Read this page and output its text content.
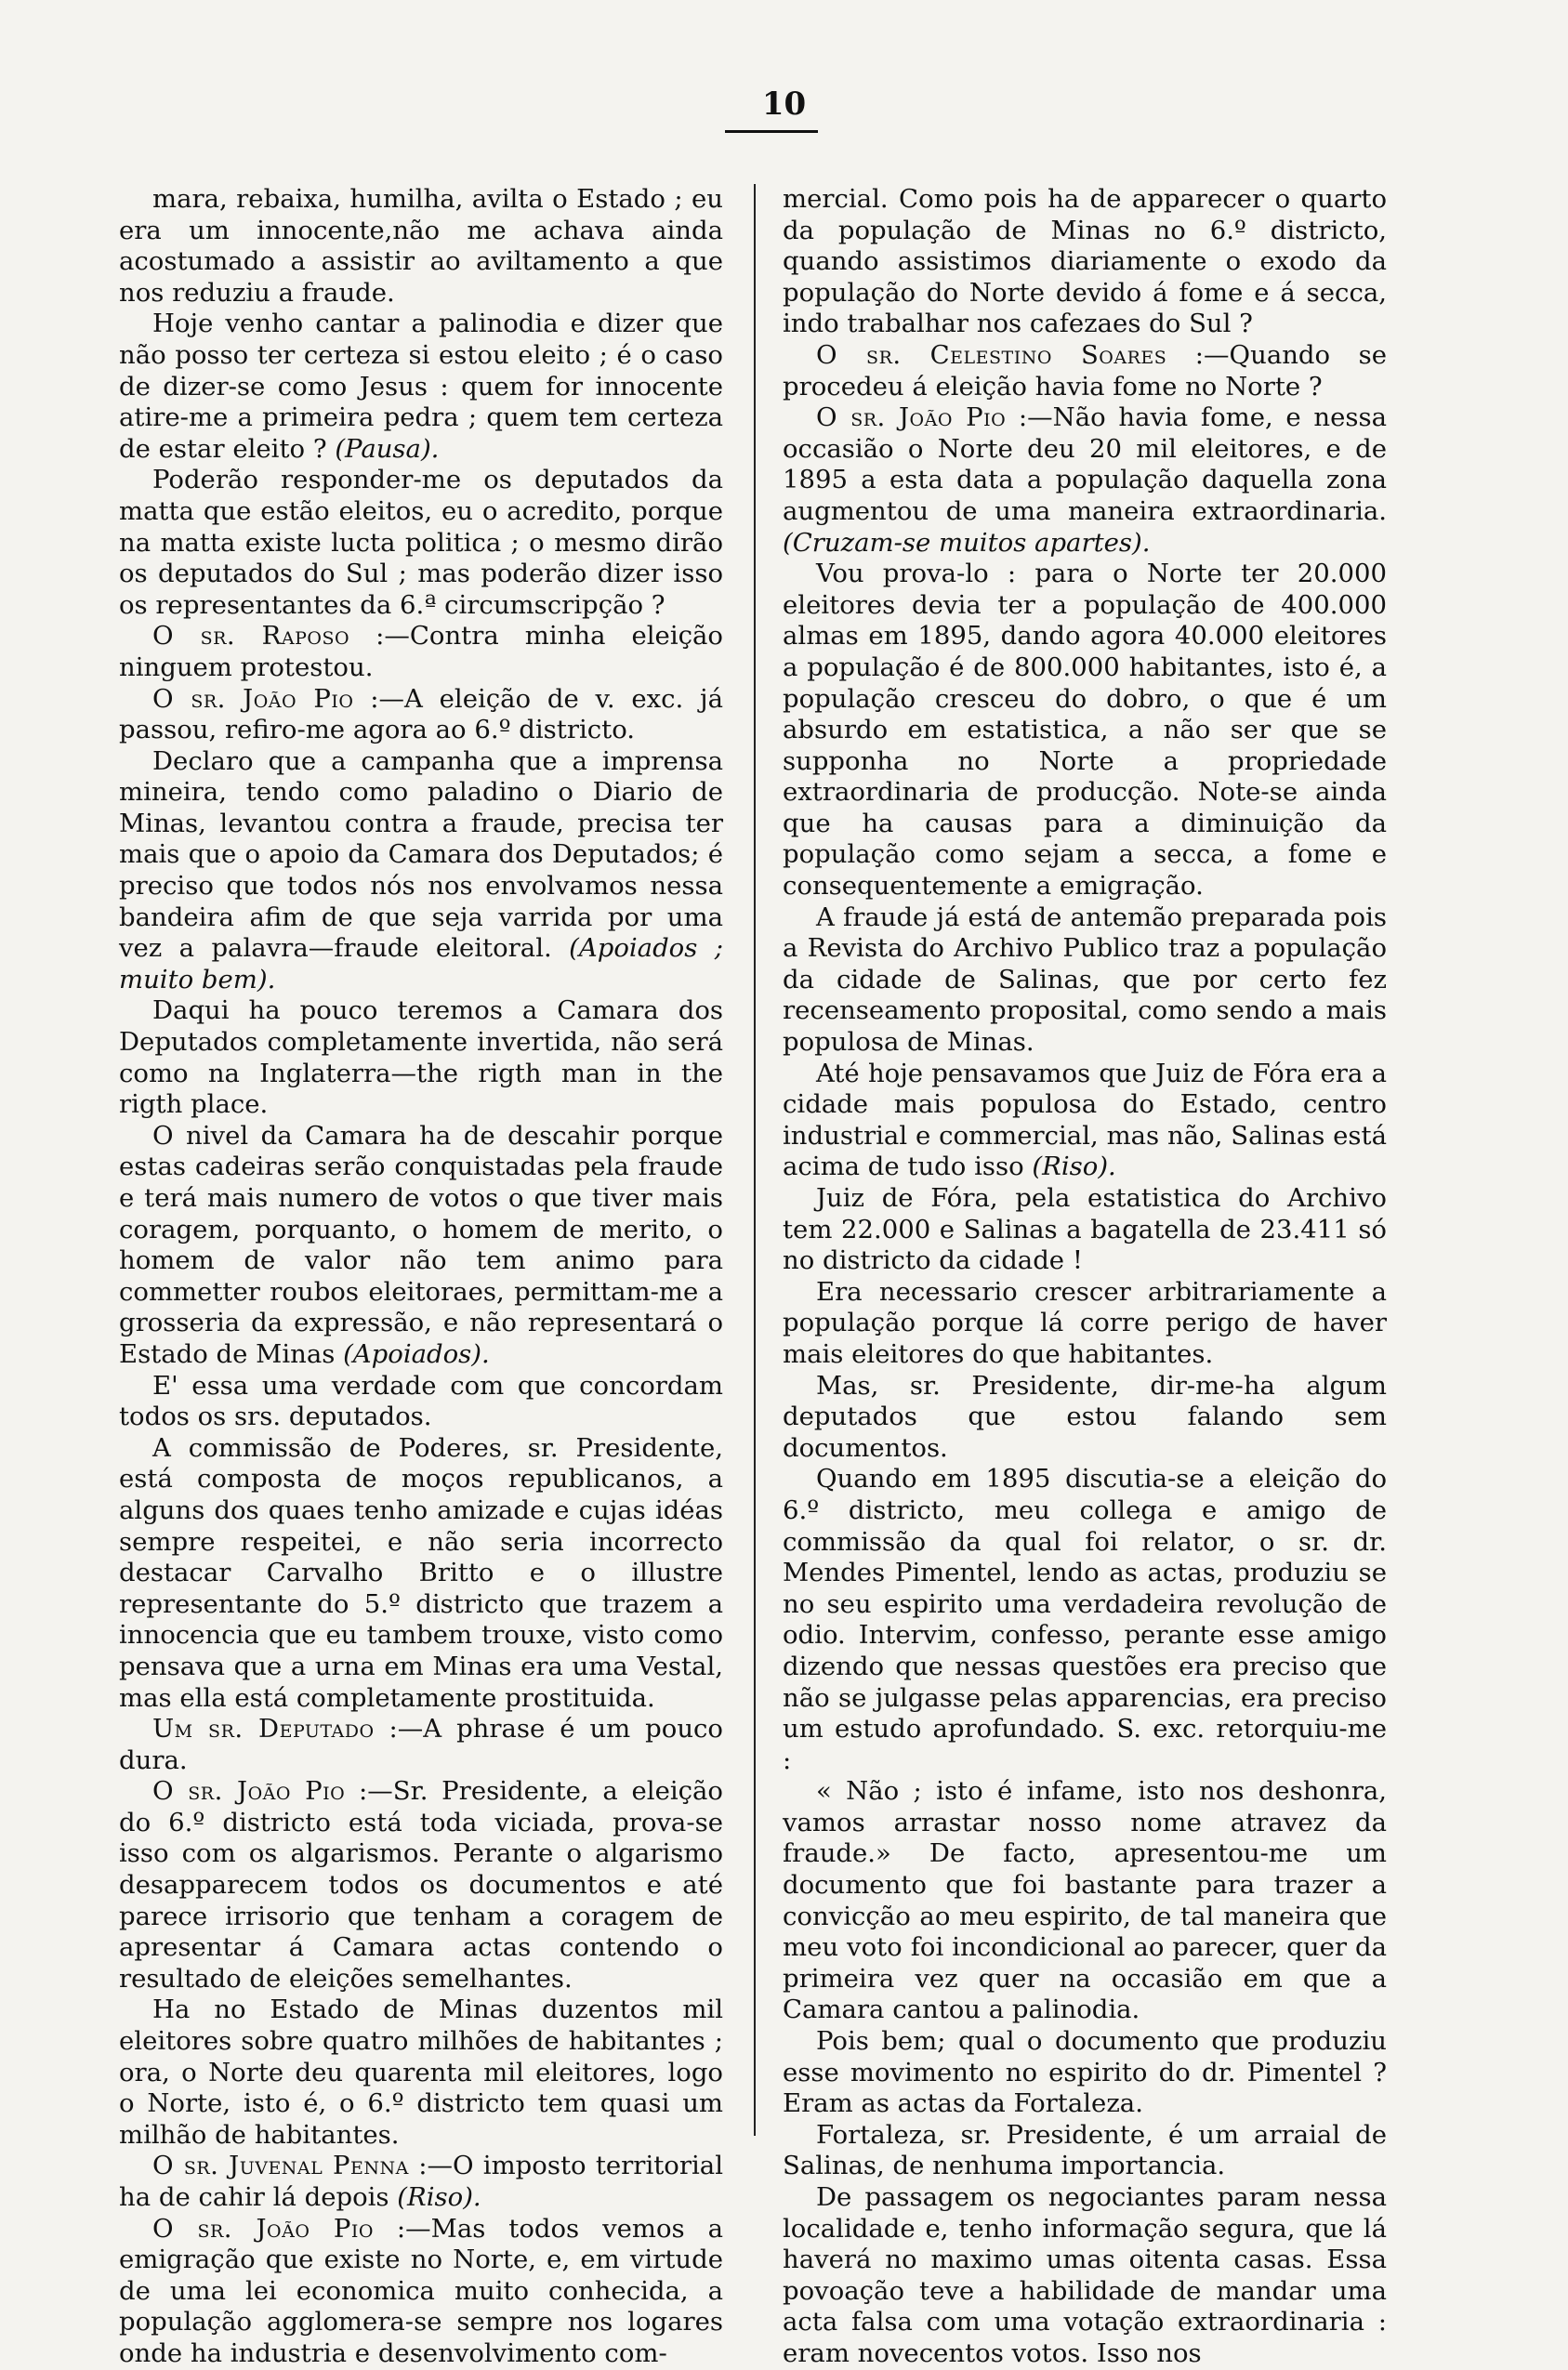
10

mara, rebaixa, humilha, avilta o Estado ; eu era um innocente,não me achava ainda acostumado a assistir ao aviltamento a que nos reduziu a fraude.

Hoje venho cantar a palinodia e dizer que não posso ter certeza si estou eleito ; é o caso de dizer-se como Jesus : quem for innocente atire-me a primeira pedra ; quem tem certeza de estar eleito ? (Pausa).

Poderão responder-me os deputados da matta que estão eleitos, eu o acredito, porque na matta existe lucta politica ; o mesmo dirão os deputados do Sul ; mas poderão dizer isso os representantes da 6.ª circumscripção ?

O sr. Raposo :—Contra minha eleição ninguem protestou.

O sr. João Pio :—A eleição de v. exc. já passou, refiro-me agora ao 6.º districto.

Declaro que a campanha que a imprensa mineira, tendo como paladino o Diario de Minas, levantou contra a fraude, precisa ter mais que o apoio da Camara dos Deputados; é preciso que todos nós nos envolvamos nessa bandeira afim de que seja varrida por uma vez a palavra—fraude eleitoral. (Apoiados ; muito bem).

Daqui ha pouco teremos a Camara dos Deputados completamente invertida, não será como na Inglaterra—the rigth man in the rigth place.

O nivel da Camara ha de descahir porque estas cadeiras serão conquistadas pela fraude e terá mais numero de votos o que tiver mais coragem, porquanto, o homem de merito, o homem de valor não tem animo para commetter roubos eleitoraes, permittam-me a grosseria da expressão, e não representará o Estado de Minas (Apoiados).

E' essa uma verdade com que concordam todos os srs. deputados.

A commissão de Poderes, sr. Presidente, está composta de moços republicanos, a alguns dos quaes tenho amizade e cujas idéas sempre respeitei, e não seria incorrecto destacar Carvalho Britto e o illustre representante do 5.º districto que trazem a innocencia que eu tambem trouxe, visto como pensava que a urna em Minas era uma Vestal, mas ella está completamente prostituida.

Um sr. Deputado :—A phrase é um pouco dura.

O sr. João Pio :—Sr. Presidente, a eleição do 6.º districto está toda viciada, prova-se isso com os algarismos. Perante o algarismo desapparecem todos os documentos e até parece irrisorio que tenham a coragem de apresentar á Camara actas contendo o resultado de eleições semelhantes.

Ha no Estado de Minas duzentos mil eleitores sobre quatro milhões de habitantes ; ora, o Norte deu quarenta mil eleitores, logo o Norte, isto é, o 6.º districto tem quasi um milhão de habitantes.

O sr. Juvenal Penna :—O imposto territorial ha de cahir lá depois (Riso).

O sr. João Pio :—Mas todos vemos a emigração que existe no Norte, e, em virtude de uma lei economica muito conhecida, a população agglomera-se sempre nos logares onde ha industria e desenvolvimento com-

mercial. Como pois ha de apparecer o quarto da população de Minas no 6.º districto, quando assistimos diariamente o exodo da população do Norte devido á fome e á secca, indo trabalhar nos cafezaes do Sul ?

O sr. Celestino Soares :—Quando se procedeu á eleição havia fome no Norte ?

O sr. João Pio :—Não havia fome, e nessa occasião o Norte deu 20 mil eleitores, e de 1895 a esta data a população daquella zona augmentou de uma maneira extraordinaria. (Cruzam-se muitos apartes).

Vou prova-lo : para o Norte ter 20.000 eleitores devia ter a população de 400.000 almas em 1895, dando agora 40.000 eleitores a população é de 800.000 habitantes, isto é, a população cresceu do dobro, o que é um absurdo em estatistica, a não ser que se supponha no Norte a propriedade extraordinaria de producção. Note-se ainda que ha causas para a diminuição da população como sejam a secca, a fome e consequentemente a emigração.

A fraude já está de antemão preparada pois a Revista do Archivo Publico traz a população da cidade de Salinas, que por certo fez recenseamento proposital, como sendo a mais populosa de Minas.

Até hoje pensavamos que Juiz de Fóra era a cidade mais populosa do Estado, centro industrial e commercial, mas não, Salinas está acima de tudo isso (Riso).

Juiz de Fóra, pela estatistica do Archivo tem 22.000 e Salinas a bagatella de 23.411 só no districto da cidade !

Era necessario crescer arbitrariamente a população porque lá corre perigo de haver mais eleitores do que habitantes.

Mas, sr. Presidente, dir-me-ha algum deputados que estou falando sem documentos.

Quando em 1895 discutia-se a eleição do 6.º districto, meu collega e amigo de commissão da qual foi relator, o sr. dr. Mendes Pimentel, lendo as actas, produziu se no seu espirito uma verdadeira revolução de odio. Intervim, confesso, perante esse amigo dizendo que nessas questões era preciso que não se julgasse pelas apparencias, era preciso um estudo aprofundado. S. exc. retorquiu-me :

« Não ; isto é infame, isto nos deshonra, vamos arrastar nosso nome atravez da fraude.» De facto, apresentou-me um documento que foi bastante para trazer a convicção ao meu espirito, de tal maneira que meu voto foi incondicional ao parecer, quer da primeira vez quer na occasião em que a Camara cantou a palinodia.

Pois bem; qual o documento que produziu esse movimento no espirito do dr. Pimentel ? Eram as actas da Fortaleza.

Fortaleza, sr. Presidente, é um arraial de Salinas, de nenhuma importancia.

De passagem os negociantes param nessa localidade e, tenho informação segura, que lá haverá no maximo umas oitenta casas. Essa povoação teve a habilidade de mandar uma acta falsa com uma votação extraordinaria : eram novecentos votos. Isso nos
